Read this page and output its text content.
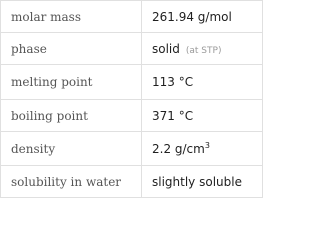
molar mass	261.94 g/mol
phase	solid (at STP)
melting point	113 °C
boiling point	371 °C
density	2.2 $g/cm^3$
solubility in water	slightly soluble
